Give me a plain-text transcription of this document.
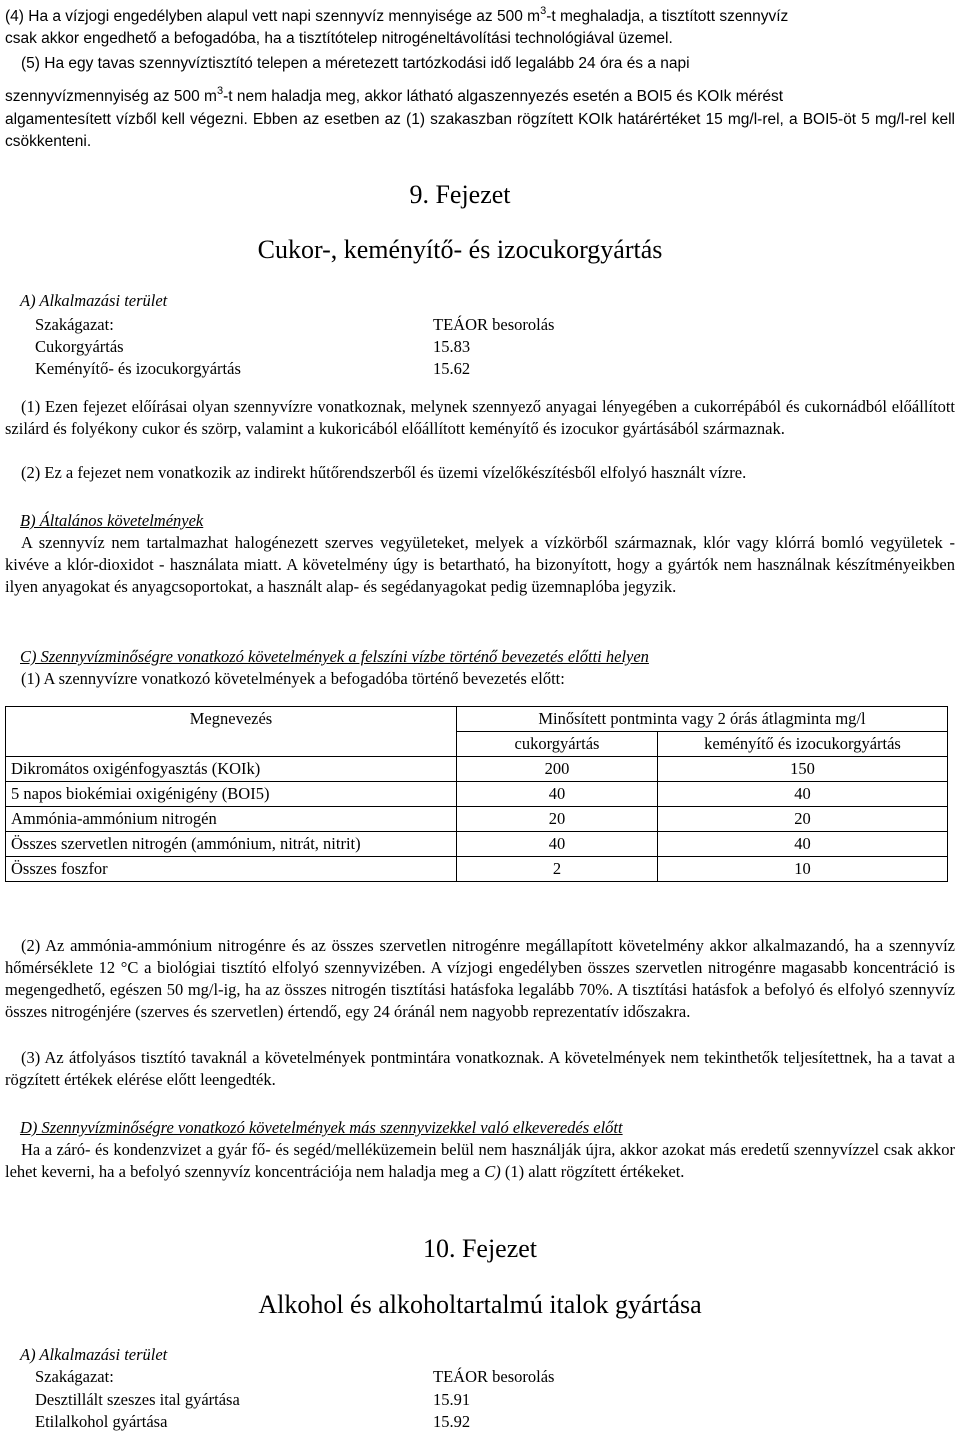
(4) Ha a vízjogi engedélyben alapul vett napi szennyvíz mennyisége az 500 $m^3-t$ meghaladja, a tisztított szennyvíz
csak akkor engedhető a befogadóba, ha a tisztítótelep nitrogéneltávolítási technológiával üzemel.
(5) Ha egy tavas szennyvíztisztító telepen a méretezett tartózkodási idő legalább 24 óra és a napi
szennyvízmennyiség az 500 $m^3-t$ nem haladja meg, akkor látható algaszennyezés esetén a BOI5 és KOIk mérést
algamentesített vízből kell végezni. Ebben az esetben az (1) szakaszban rögzített KOIk határértéket 15 mg/l-rel, a BOI5-öt 5 mg/l-rel kell csökkenteni.
9. Fejezet
Cukor-, keményítő- és izocukorgyártás
A) Alkalmazási terület
Szakágazat:	TEÁOR besorolás
Cukorgyártás	15.83
Keményítő- és izocukorgyártás	15.62
(1) Ezen fejezet előírásai olyan szennyvízre vonatkoznak, melynek szennyező anyagai lényegében a cukorrépából és cukornádból előállított szilárd és folyékony cukor és szörp, valamint a kukoricából előállított keményítő és izocukor gyártásából származnak.
(2) Ez a fejezet nem vonatkozik az indirekt hűtőrendszerből és üzemi vízelőkészítésből elfolyó használt vízre.
B) Általános követelmények
A szennyvíz nem tartalmazhat halogénezett szerves vegyületeket, melyek a vízkörből származnak, klór vagy klórrá bomló vegyületek - kivéve a klór-dioxidot - használata miatt. A követelmény úgy is betartható, ha bizonyított, hogy a gyártók nem használnak készítményeikben ilyen anyagokat és anyagcsoportokat, a használt alap- és segédanyagokat pedig üzemnaplóba jegyzik.
C) Szennyvízminőségre vonatkozó követelmények a felszíni vízbe történő bevezetés előtti helyen
(1) A szennyvízre vonatkozó követelmények a befogadóba történő bevezetés előtt:
Megnevezés	Minősített pontminta vagy 2 órás átlagminta mg/l	
	cukorgyártás	keményítő és izocukorgyártás
Dikromátos oxigénfogyasztás (KOIk)	200	150
5 napos biokémiai oxigénigény (BOI5)	40	40
Ammónia-ammónium nitrogén	20	20
Összes szervetlen nitrogén (ammónium, nitrát, nitrit)	40	40
Összes foszfor	2	10
(2) Az ammónia-ammónium nitrogénre és az összes szervetlen nitrogénre megállapított követelmény akkor alkalmazandó, ha a szennyvíz hőmérséklete 12 °C a biológiai tisztító elfolyó szennyvizében. A vízjogi engedélyben összes szervetlen nitrogénre magasabb koncentráció is megengedhető, egészen 50 mg/l-ig, ha az összes nitrogén tisztítási hatásfoka legalább 70%. A tisztítási hatásfok a befolyó és elfolyó szennyvíz összes nitrogénjére (szerves és szervetlen) értendő, egy 24 óránál nem nagyobb reprezentatív időszakra.
(3) Az átfolyásos tisztító tavaknál a követelmények pontmintára vonatkoznak. A követelmények nem tekinthetők teljesítettnek, ha a tavat a rögzített értékek elérése előtt leengedték.
D) Szennyvízminőségre vonatkozó követelmények más szennyvizekkel való elkeveredés előtt
Ha a záró- és kondenzvizet a gyár fő- és segéd/melléküzemein belül nem használják újra, akkor azokat más eredetű szennyvízzel csak akkor lehet keverni, ha a befolyó szennyvíz koncentrációja nem haladja meg a C) (1) alatt rögzített értékeket.
10. Fejezet
Alkohol és alkoholtartalmú italok gyártása
A) Alkalmazási terület
Szakágazat:	TEÁOR besorolás
Desztillált szeszes ital gyártása	15.91
Etilalkohol gyártása	15.92
